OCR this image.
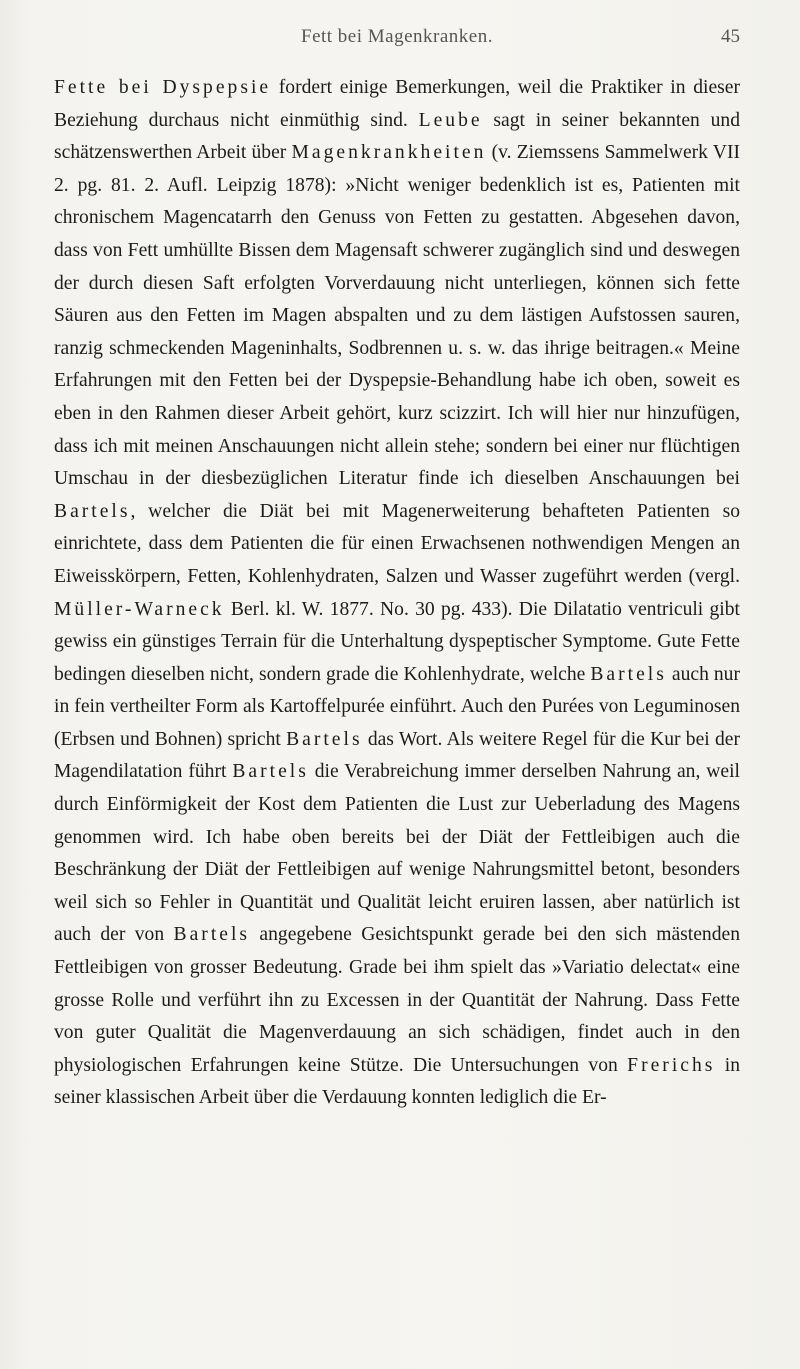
Fett bei Magenkranken.	45

Fette bei Dyspepsie fordert einige Bemerkungen, weil die Praktiker in dieser Beziehung durchaus nicht einmüthig sind. Leube sagt in seiner bekannten und schätzenswerthen Arbeit über Magenkrankheiten (v. Ziemssens Sammelwerk VII 2. pg. 81. 2. Aufl. Leipzig 1878): »Nicht weniger bedenklich ist es, Patienten mit chronischem Magencatarrh den Genuss von Fetten zu gestatten. Abgesehen davon, dass von Fett umhüllte Bissen dem Magensaft schwerer zugänglich sind und deswegen der durch diesen Saft erfolgten Vorverdauung nicht unterliegen, können sich fette Säuren aus den Fetten im Magen abspalten und zu dem lästigen Aufstossen sauren, ranzig schmeckenden Mageninhalts, Sodbrennen u. s. w. das ihrige beitragen.« Meine Erfahrungen mit den Fetten bei der Dyspepsie-Behandlung habe ich oben, soweit es eben in den Rahmen dieser Arbeit gehört, kurz scizzirt. Ich will hier nur hinzufügen, dass ich mit meinen Anschauungen nicht allein stehe; sondern bei einer nur flüchtigen Umschau in der diesbezüglichen Literatur finde ich dieselben Anschauungen bei Bartels, welcher die Diät bei mit Magenerweiterung behafteten Patienten so einrichtete, dass dem Patienten die für einen Erwachsenen nothwendigen Mengen an Eiweisskörpern, Fetten, Kohlenhydraten, Salzen und Wasser zugeführt werden (vergl. Müller-Warneck Berl. kl. W. 1877. No. 30 pg. 433). Die Dilatatio ventriculi gibt gewiss ein günstiges Terrain für die Unterhaltung dyspeptischer Symptome. Gute Fette bedingen dieselben nicht, sondern grade die Kohlenhydrate, welche Bartels auch nur in fein vertheilter Form als Kartoffelpurée einführt. Auch den Purées von Leguminosen (Erbsen und Bohnen) spricht Bartels das Wort. Als weitere Regel für die Kur bei der Magendilatation führt Bartels die Verabreichung immer derselben Nahrung an, weil durch Einförmigkeit der Kost dem Patienten die Lust zur Ueberladung des Magens genommen wird. Ich habe oben bereits bei der Diät der Fettleibigen auch die Beschränkung der Diät der Fettleibigen auf wenige Nahrungsmittel betont, besonders weil sich so Fehler in Quantität und Qualität leicht eruiren lassen, aber natürlich ist auch der von Bartels angegebene Gesichtspunkt gerade bei den sich mästenden Fettleibigen von grosser Bedeutung. Grade bei ihm spielt das »Variatio delectat« eine grosse Rolle und verführt ihn zu Excessen in der Quantität der Nahrung. Dass Fette von guter Qualität die Magenverdauung an sich schädigen, findet auch in den physiologischen Erfahrungen keine Stütze. Die Untersuchungen von Frerichs in seiner klassischen Arbeit über die Verdauung konnten lediglich die Er-
